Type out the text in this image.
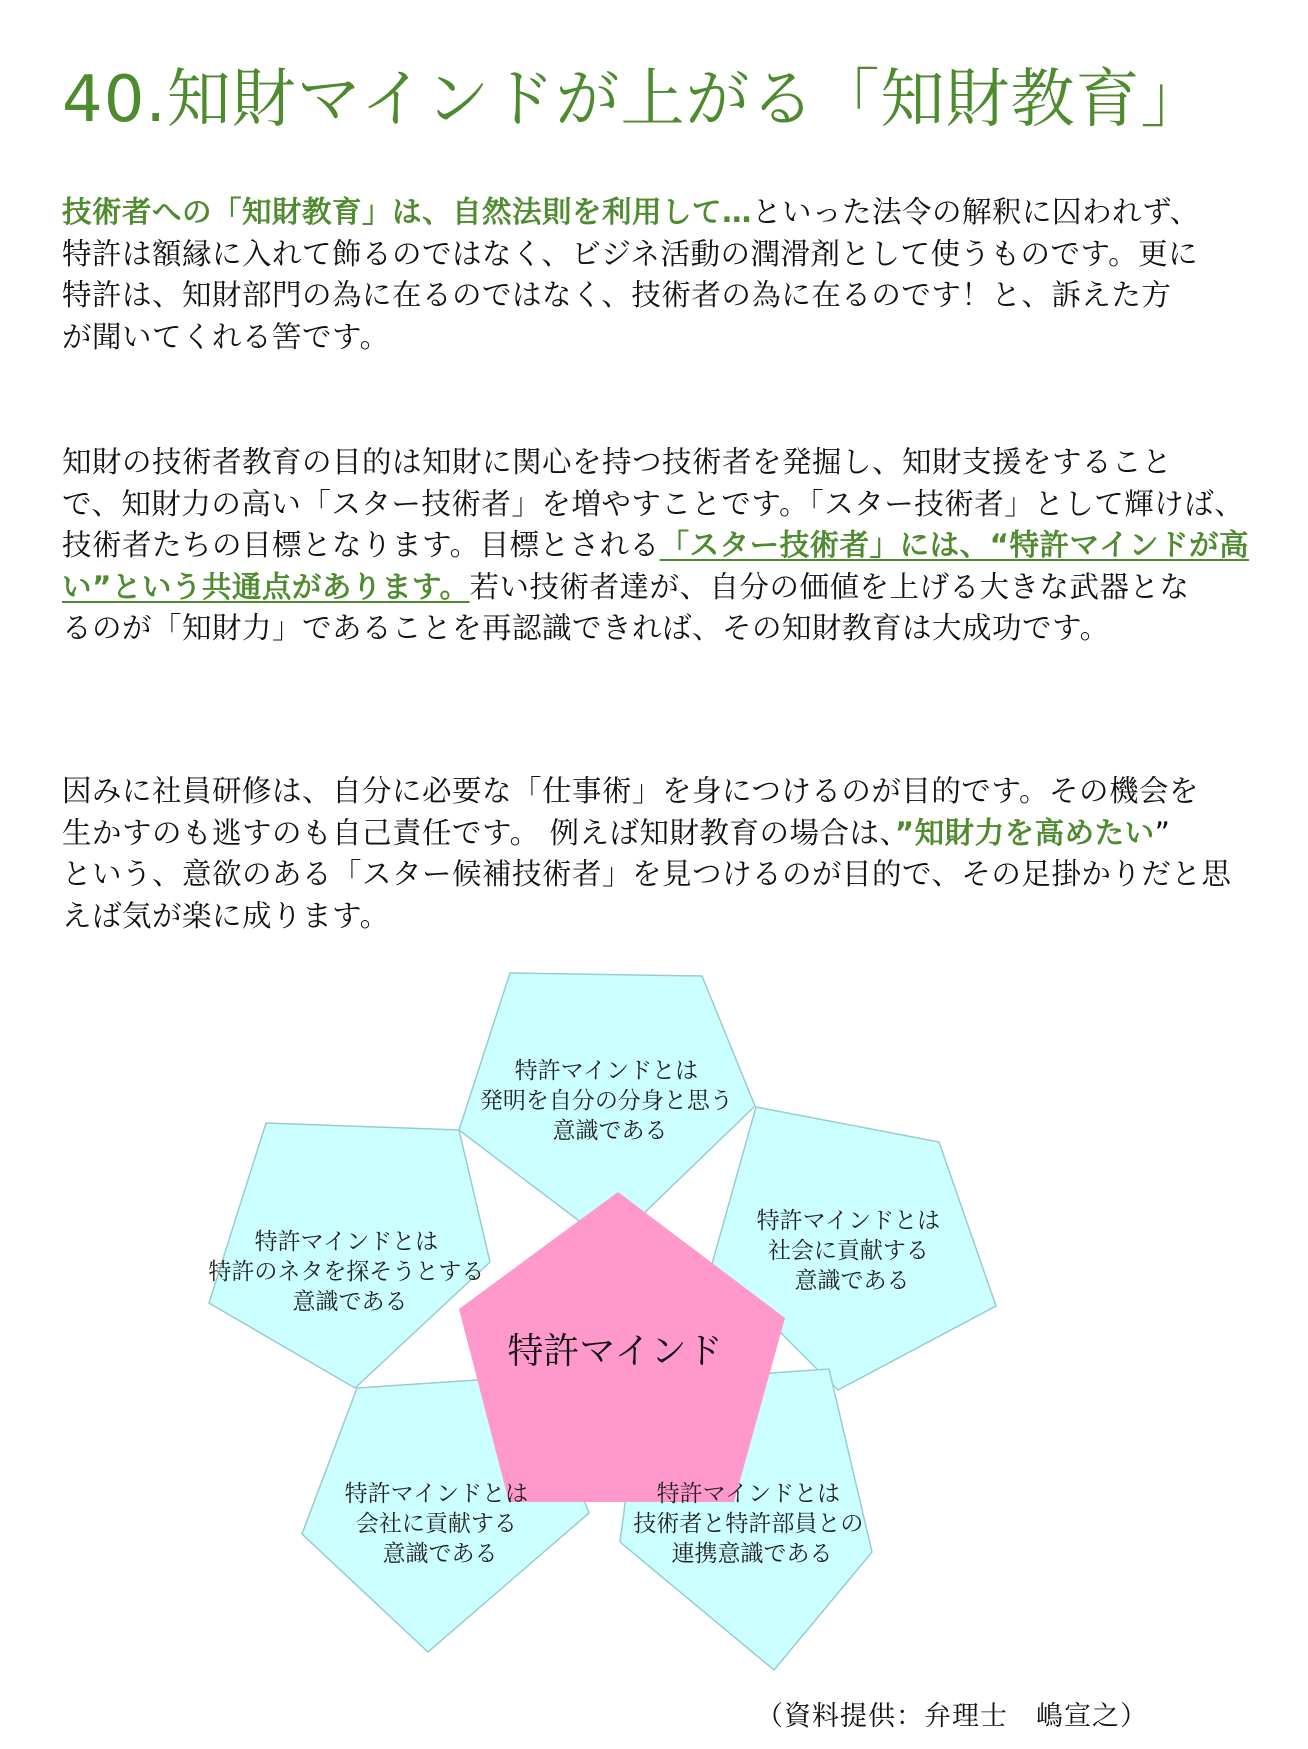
40.知財マインドが上がる「知財教育」

技術者への「知財教育」は、自然法則を利用して…といった法令の解釈に囚われず、
特許は額縁に入れて飾るのではなく、ビジネ活動の潤滑剤として使うものです。更に
特許は、知財部門の為に在るのではなく、技術者の為に在るのです！と、訴えた方
が聞いてくれる筈です。

知財の技術者教育の目的は知財に関心を持つ技術者を発掘し、知財支援をすること
で、知財力の高い「スター技術者」を増やすことです。「スター技術者」として輝けば、
技術者たちの目標となります。目標とされる「スター技術者」には、“特許マインドが高
い”という共通点があります。若い技術者達が、自分の価値を上げる大きな武器とな
るのが「知財力」であることを再認識できれば、その知財教育は大成功です。

因みに社員研修は、自分に必要な「仕事術」を身につけるのが目的です。その機会を
生かすのも逃すのも自己責任です。 例えば知財教育の場合は、”知財力を高めたい”
という、意欲のある「スター候補技術者」を見つけるのが目的で、その足掛かりだと思
えば気が楽に成ります。

特許マインドとは 発明を自分の分身と思う 意識である
特許マインドとは 特許のネタを探そうとする 意識である
特許マインドとは 社会に貢献する 意識である
特許マインドとは 会社に貢献する 意識である
特許マインドとは 技術者と特許部員との 連携意識である
特許マインド
（資料提供：弁理士　嶋宣之）
